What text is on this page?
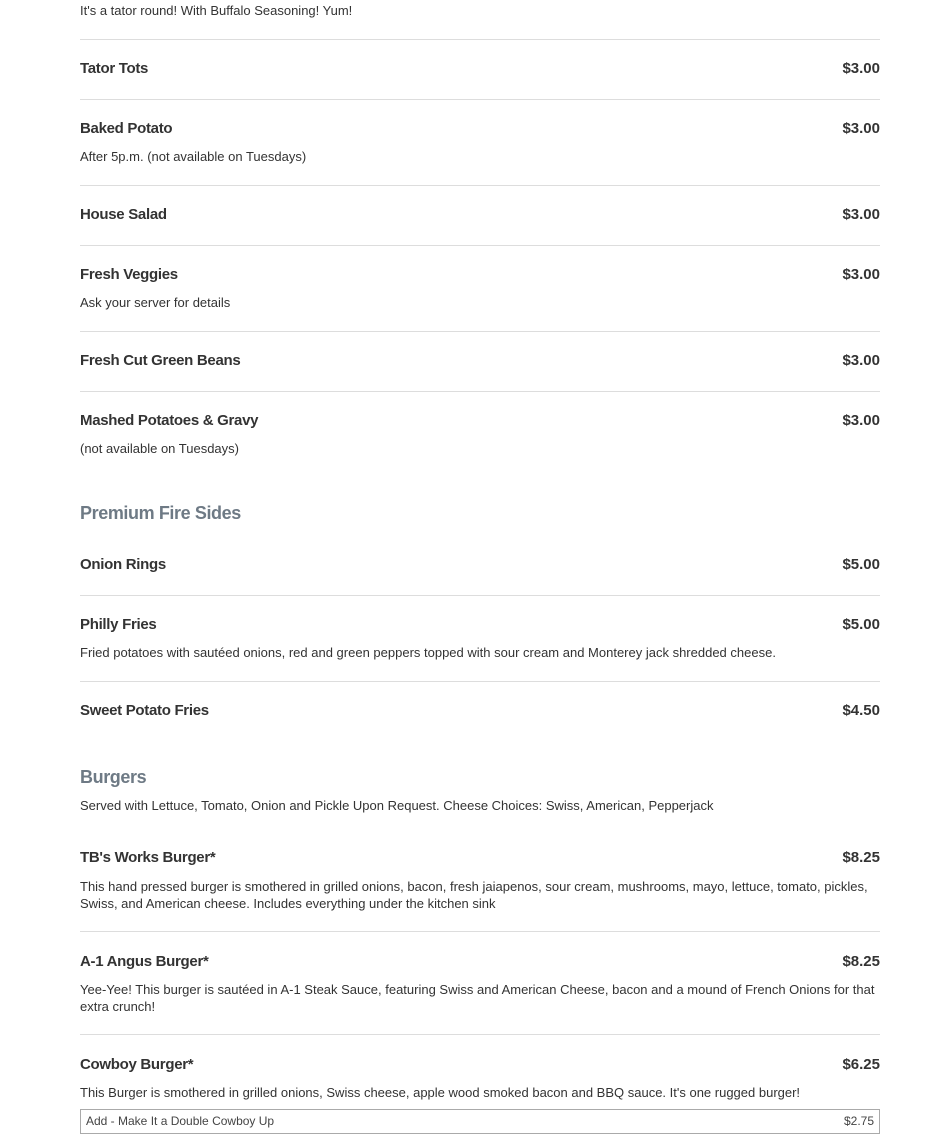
It's a tator round! With Buffalo Seasoning! Yum!
Tator Tots	$3.00
Baked Potato	$3.00
After 5p.m. (not available on Tuesdays)
House Salad	$3.00
Fresh Veggies	$3.00
Ask your server for details
Fresh Cut Green Beans	$3.00
Mashed Potatoes & Gravy	$3.00
(not available on Tuesdays)
Premium Fire Sides
Onion Rings	$5.00
Philly Fries	$5.00
Fried potatoes with sautéed onions, red and green peppers topped with sour cream and Monterey jack shredded cheese.
Sweet Potato Fries	$4.50
Burgers
Served with Lettuce, Tomato, Onion and Pickle Upon Request. Cheese Choices: Swiss, American, Pepperjack
TB's Works Burger*	$8.25
This hand pressed burger is smothered in grilled onions, bacon, fresh jaiapenos, sour cream, mushrooms, mayo, lettuce, tomato, pickles, Swiss, and American cheese. Includes everything under the kitchen sink
A-1 Angus Burger*	$8.25
Yee-Yee! This burger is sautéed in A-1 Steak Sauce, featuring Swiss and American Cheese, bacon and a mound of French Onions for that extra crunch!
Cowboy Burger*	$6.25
This Burger is smothered in grilled onions, Swiss cheese, apple wood smoked bacon and BBQ sauce. It's one rugged burger!
Add - Make It a Double Cowboy Up	$2.75
